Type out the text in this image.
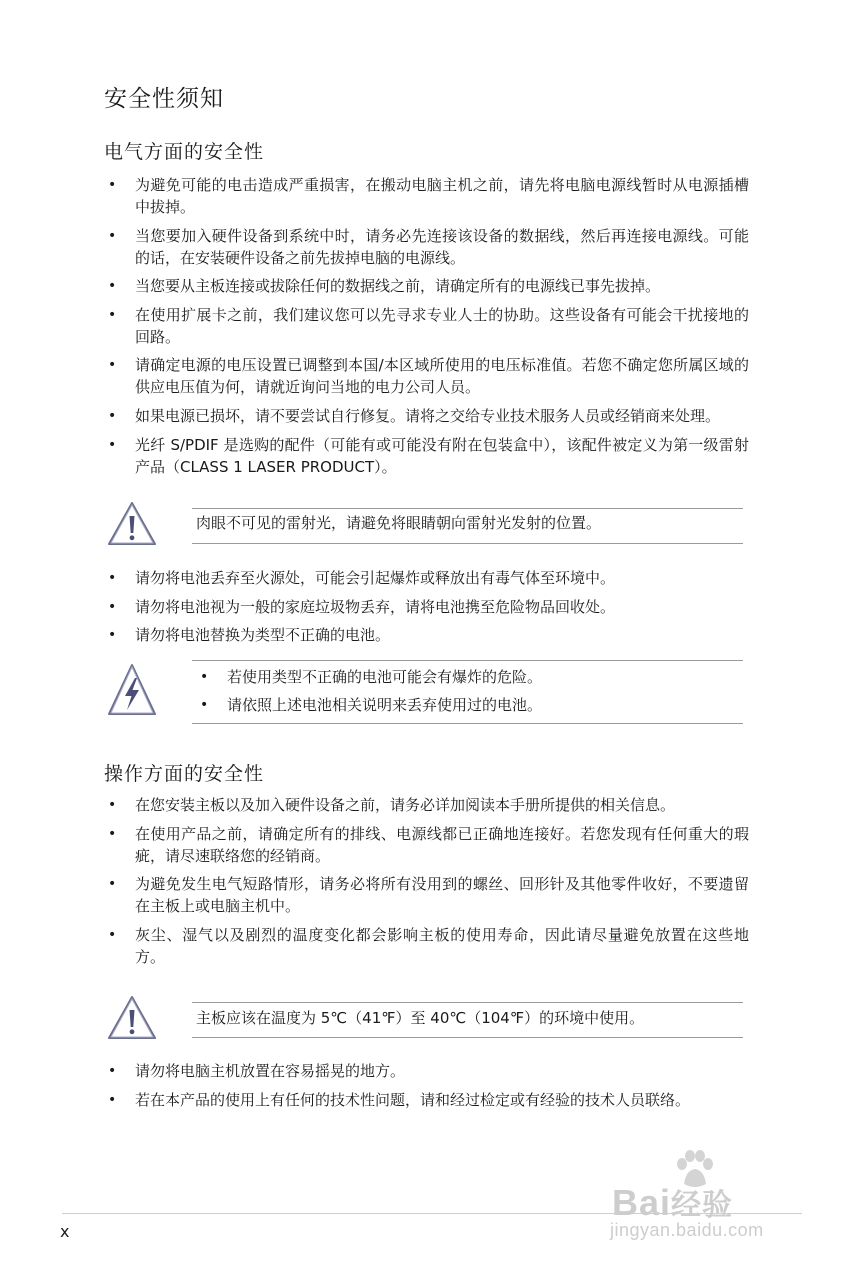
安全性须知
电气方面的安全性
• 为避免可能的电击造成严重损害，在搬动电脑主机之前，请先将电脑电源线暂时从电源插槽中拔掉。
• 当您要加入硬件设备到系统中时，请务必先连接该设备的数据线，然后再连接电源线。可能的话，在安装硬件设备之前先拔掉电脑的电源线。
• 当您要从主板连接或拔除任何的数据线之前，请确定所有的电源线已事先拔掉。
• 在使用扩展卡之前，我们建议您可以先寻求专业人士的协助。这些设备有可能会干扰接地的回路。
• 请确定电源的电压设置已调整到本国/本区域所使用的电压标准值。若您不确定您所属区域的供应电压值为何，请就近询问当地的电力公司人员。
• 如果电源已损坏，请不要尝试自行修复。请将之交给专业技术服务人员或经销商来处理。
• 光纤 S/PDIF 是选购的配件（可能有或可能没有附在包装盒中），该配件被定义为第一级雷射产品（CLASS 1 LASER PRODUCT）。
肉眼不可见的雷射光，请避免将眼睛朝向雷射光发射的位置。
• 请勿将电池丢弃至火源处，可能会引起爆炸或释放出有毒气体至环境中。
• 请勿将电池视为一般的家庭垃圾物丢弃，请将电池携至危险物品回收处。
• 请勿将电池替换为类型不正确的电池。
• 若使用类型不正确的电池可能会有爆炸的危险。
• 请依照上述电池相关说明来丢弃使用过的电池。
操作方面的安全性
• 在您安装主板以及加入硬件设备之前，请务必详加阅读本手册所提供的相关信息。
• 在使用产品之前，请确定所有的排线、电源线都已正确地连接好。若您发现有任何重大的瑕疵，请尽速联络您的经销商。
• 为避免发生电气短路情形，请务必将所有没用到的螺丝、回形针及其他零件收好，不要遗留在主板上或电脑主机中。
• 灰尘、湿气以及剧烈的温度变化都会影响主板的使用寿命，因此请尽量避免放置在这些地方。
主板应该在温度为 5℃（41℉）至 40℃（104℉）的环境中使用。
• 请勿将电脑主机放置在容易摇晃的地方。
• 若在本产品的使用上有任何的技术性问题，请和经过检定或有经验的技术人员联络。
x
Bai经验
jingyan.baidu.com
